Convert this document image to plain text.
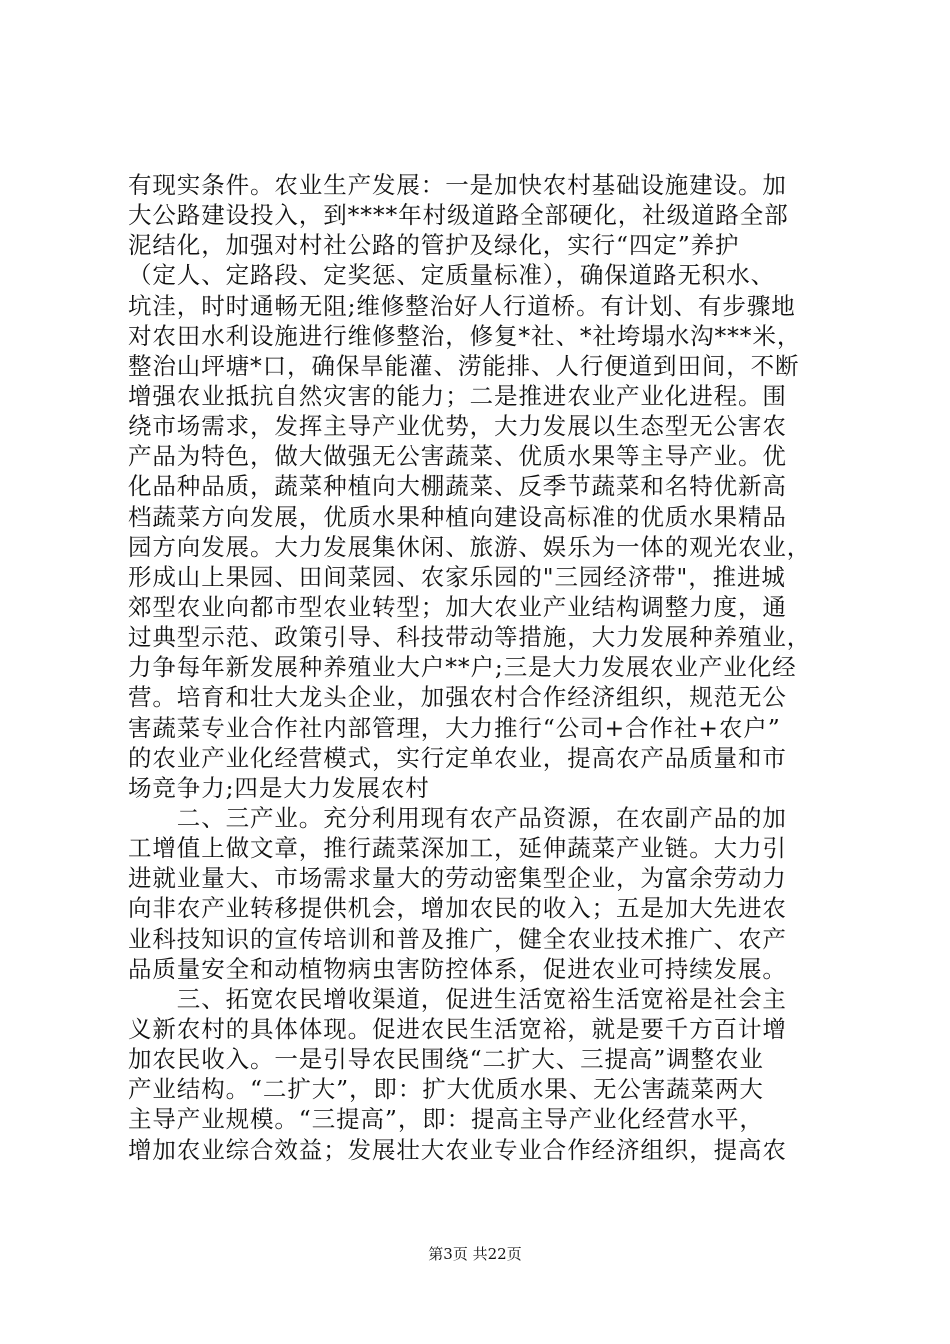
有现实条件。农业生产发展：一是加快农村基础设施建设。加
大公路建设投入，到****年村级道路全部硬化，社级道路全部
泥结化，加强对村社公路的管护及绿化，实行“四定”养护
（定人、定路段、定奖惩、定质量标准），确保道路无积水、
坑洼，时时通畅无阻;维修整治好人行道桥。有计划、有步骤地
对农田水利设施进行维修整治，修复*社、*社垮塌水沟***米，
整治山坪塘*口，确保旱能灌、涝能排、人行便道到田间，不断
增强农业抵抗自然灾害的能力；二是推进农业产业化进程。围
绕市场需求，发挥主导产业优势，大力发展以生态型无公害农
产品为特色，做大做强无公害蔬菜、优质水果等主导产业。优
化品种品质，蔬菜种植向大棚蔬菜、反季节蔬菜和名特优新高
档蔬菜方向发展，优质水果种植向建设高标准的优质水果精品
园方向发展。大力发展集休闲、旅游、娱乐为一体的观光农业，
形成山上果园、田间菜园、农家乐园的"三园经济带"，推进城
郊型农业向都市型农业转型；加大农业产业结构调整力度，通
过典型示范、政策引导、科技带动等措施，大力发展种养殖业，
力争每年新发展种养殖业大户**户;三是大力发展农业产业化经
营。培育和壮大龙头企业，加强农村合作经济组织，规范无公
害蔬菜专业合作社内部管理，大力推行“公司+合作社+农户”
的农业产业化经营模式，实行定单农业，提高农产品质量和市
场竞争力;四是大力发展农村
　　二、三产业。充分利用现有农产品资源，在农副产品的加
工增值上做文章，推行蔬菜深加工，延伸蔬菜产业链。大力引
进就业量大、市场需求量大的劳动密集型企业，为富余劳动力
向非农产业转移提供机会，增加农民的收入；五是加大先进农
业科技知识的宣传培训和普及推广，健全农业技术推广、农产
品质量安全和动植物病虫害防控体系，促进农业可持续发展。
　　三、拓宽农民增收渠道，促进生活宽裕生活宽裕是社会主
义新农村的具体体现。促进农民生活宽裕，就是要千方百计增
加农民收入。一是引导农民围绕“二扩大、三提高”调整农业
产业结构。“二扩大”，即：扩大优质水果、无公害蔬菜两大
主导产业规模。“三提高”，即：提高主导产业化经营水平，
增加农业综合效益；发展壮大农业专业合作经济组织，提高农
第3页 共22页
